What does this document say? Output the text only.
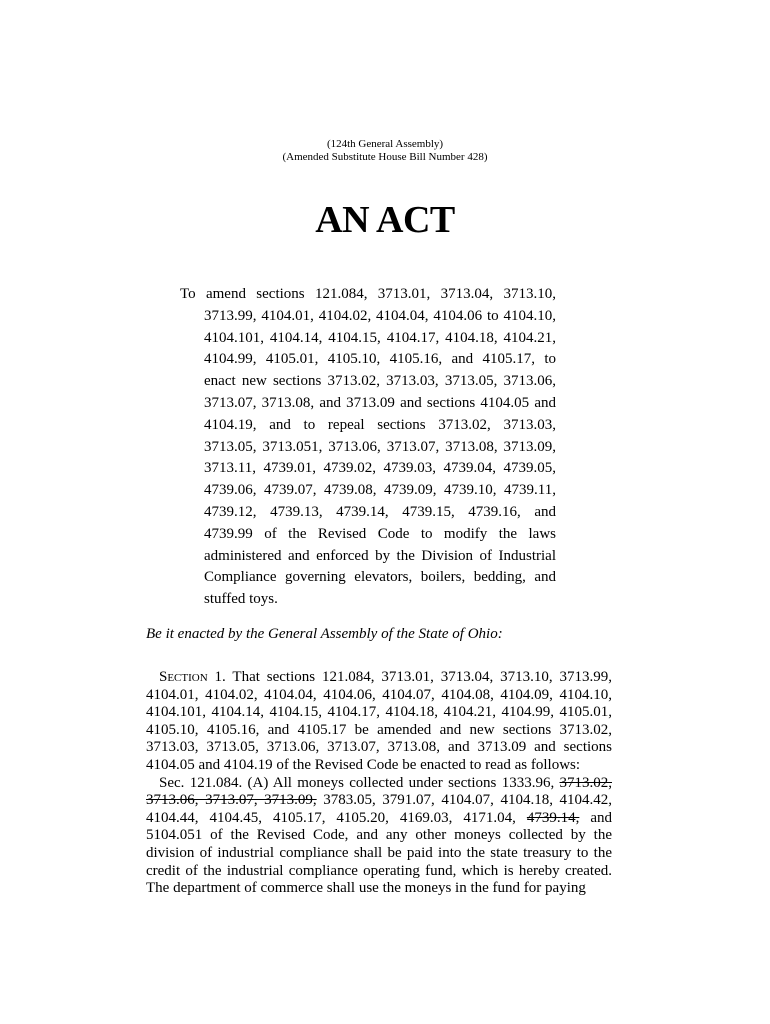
(124th General Assembly)
(Amended Substitute House Bill Number 428)
AN ACT
To amend sections 121.084, 3713.01, 3713.04, 3713.10, 3713.99, 4104.01, 4104.02, 4104.04, 4104.06 to 4104.10, 4104.101, 4104.14, 4104.15, 4104.17, 4104.18, 4104.21, 4104.99, 4105.01, 4105.10, 4105.16, and 4105.17, to enact new sections 3713.02, 3713.03, 3713.05, 3713.06, 3713.07, 3713.08, and 3713.09 and sections 4104.05 and 4104.19, and to repeal sections 3713.02, 3713.03, 3713.05, 3713.051, 3713.06, 3713.07, 3713.08, 3713.09, 3713.11, 4739.01, 4739.02, 4739.03, 4739.04, 4739.05, 4739.06, 4739.07, 4739.08, 4739.09, 4739.10, 4739.11, 4739.12, 4739.13, 4739.14, 4739.15, 4739.16, and 4739.99 of the Revised Code to modify the laws administered and enforced by the Division of Industrial Compliance governing elevators, boilers, bedding, and stuffed toys.
Be it enacted by the General Assembly of the State of Ohio:

Section 1. That sections 121.084, 3713.01, 3713.04, 3713.10, 3713.99, 4104.01, 4104.02, 4104.04, 4104.06, 4104.07, 4104.08, 4104.09, 4104.10, 4104.101, 4104.14, 4104.15, 4104.17, 4104.18, 4104.21, 4104.99, 4105.01, 4105.10, 4105.16, and 4105.17 be amended and new sections 3713.02, 3713.03, 3713.05, 3713.06, 3713.07, 3713.08, and 3713.09 and sections 4104.05 and 4104.19 of the Revised Code be enacted to read as follows:

Sec. 121.084. (A) All moneys collected under sections 1333.96, 3713.02, 3713.06, 3713.07, 3713.09, 3783.05, 3791.07, 4104.07, 4104.18, 4104.42, 4104.44, 4104.45, 4105.17, 4105.20, 4169.03, 4171.04, 4739.14, and 5104.051 of the Revised Code, and any other moneys collected by the division of industrial compliance shall be paid into the state treasury to the credit of the industrial compliance operating fund, which is hereby created. The department of commerce shall use the moneys in the fund for paying
